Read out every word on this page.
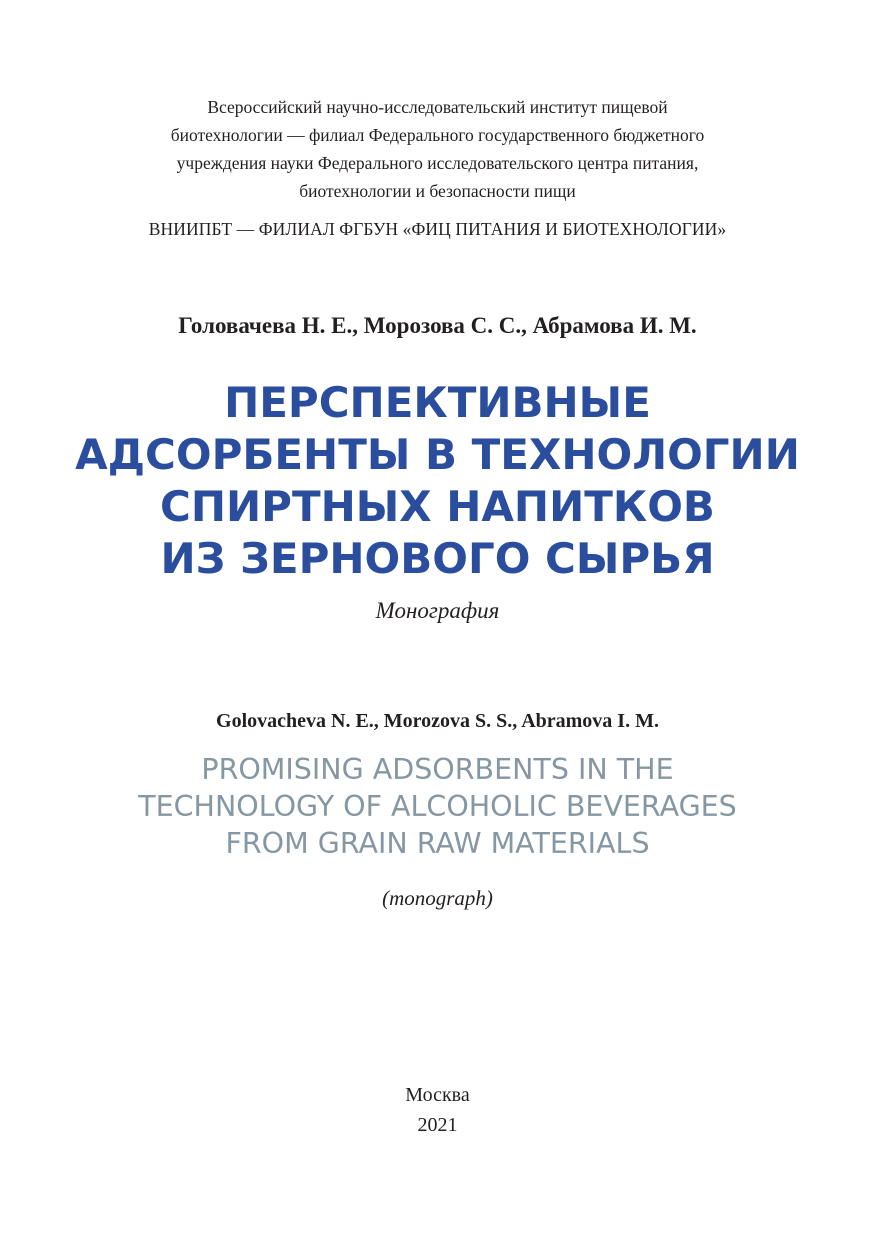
Всероссийский научно-исследовательский институт пищевой
биотехнологии — филиал Федерального государственного бюджетного
учреждения науки Федерального исследовательского центра питания,
биотехнологии и безопасности пищи
ВНИИПБТ — ФИЛИАЛ ФГБУН «ФИЦ ПИТАНИЯ И БИОТЕХНОЛОГИИ»
Головачева Н. Е., Морозова С. С., Абрамова И. М.
ПЕРСПЕКТИВНЫЕ
АДСОРБЕНТЫ В ТЕХНОЛОГИИ
СПИРТНЫХ НАПИТКОВ
ИЗ ЗЕРНОВОГО СЫРЬЯ
Монография
Golovacheva N. E., Morozova S. S., Abramova I. M.
PROMISING ADSORBENTS IN THE
TECHNOLOGY OF ALCOHOLIC BEVERAGES
FROM GRAIN RAW MATERIALS
(monograph)
Москва
2021
